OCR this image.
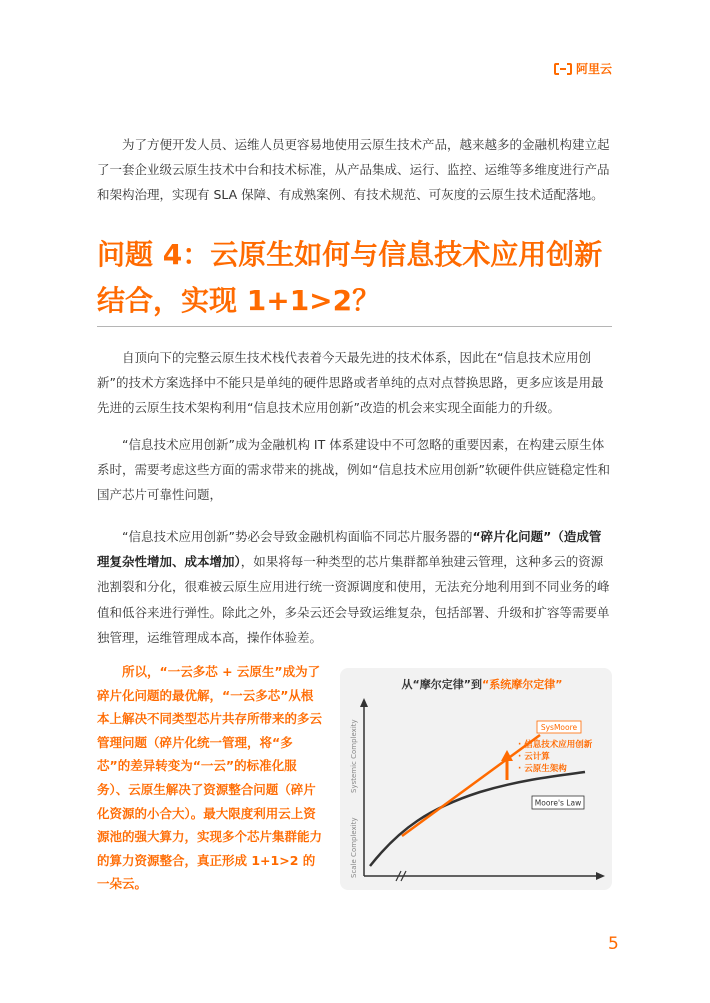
阿里云

为了方便开发人员、运维人员更容易地使用云原生技术产品，越来越多的金融机构建立起了一套企业级云原生技术中台和技术标准，从产品集成、运行、监控、运维等多维度进行产品和架构治理，实现有 SLA 保障、有成熟案例、有技术规范、可灰度的云原生技术适配落地。

问题 4：云原生如何与信息技术应用创新
结合，实现 1+1>2？

自顶向下的完整云原生技术栈代表着今天最先进的技术体系，因此在“信息技术应用创新”的技术方案选择中不能只是单纯的硬件思路或者单纯的点对点替换思路，更多应该是用最先进的云原生技术架构利用“信息技术应用创新”改造的机会来实现全面能力的升级。

“信息技术应用创新”成为金融机构 IT 体系建设中不可忽略的重要因素，在构建云原生体系时，需要考虑这些方面的需求带来的挑战，例如“信息技术应用创新”软硬件供应链稳定性和国产芯片可靠性问题，

“信息技术应用创新”势必会导致金融机构面临不同芯片服务器的“碎片化问题”（造成管理复杂性增加、成本增加），如果将每一种类型的芯片集群都单独建云管理，这种多云的资源池割裂和分化，很难被云原生应用进行统一资源调度和使用，无法充分地利用到不同业务的峰值和低谷来进行弹性。除此之外，多朵云还会导致运维复杂，包括部署、升级和扩容等需要单独管理，运维管理成本高，操作体验差。

所以，“一云多芯 + 云原生”成为了碎片化问题的最优解，“一云多芯”从根本上解决不同类型芯片共存所带来的多云管理问题（碎片化统一管理，将“多芯”的差异转变为“一云”的标准化服务）、云原生解决了资源整合问题（碎片化资源的小合大）。最大限度利用云上资源池的强大算力，实现多个芯片集群能力的算力资源整合，真正形成 1+1>2 的一朵云。

从“摩尔定律”到“系统摩尔定律”
Systemic Complexity
Scale Complexity
SysMoore
Moore's Law
· 信息技术应用创新
· 云计算
· 云原生架构
5
